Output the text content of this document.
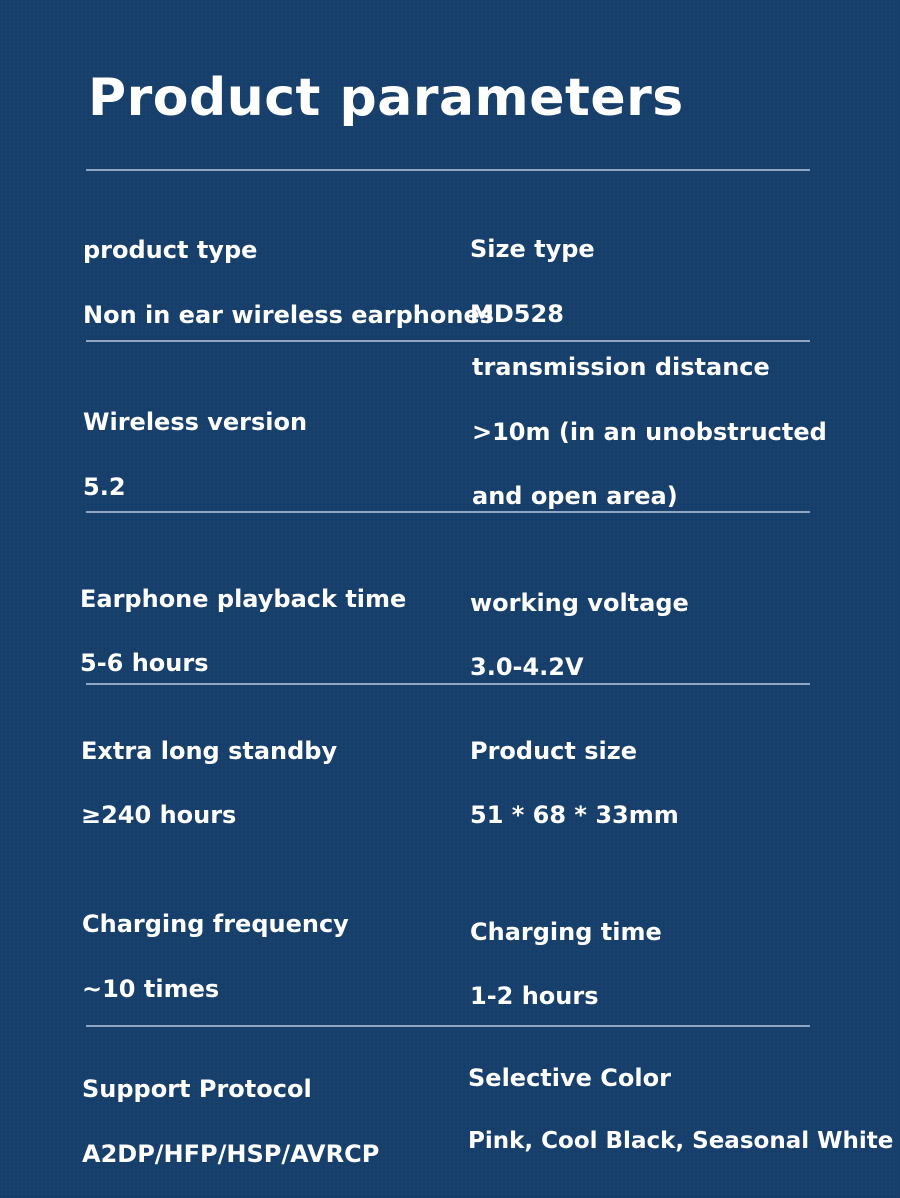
Product parameters

product type

Non in ear wireless earphones

Size type

MD528

Wireless version

5.2

transmission distance

>10m (in an unobstructed

and open area)

Earphone playback time

5-6 hours

working voltage

3.0-4.2V

Extra long standby

≥240 hours

Product size

51 * 68 * 33mm

Charging frequency

~10 times

Charging time

1-2 hours

Support Protocol

A2DP/HFP/HSP/AVRCP

Selective Color

Pink, Cool Black, Seasonal White
